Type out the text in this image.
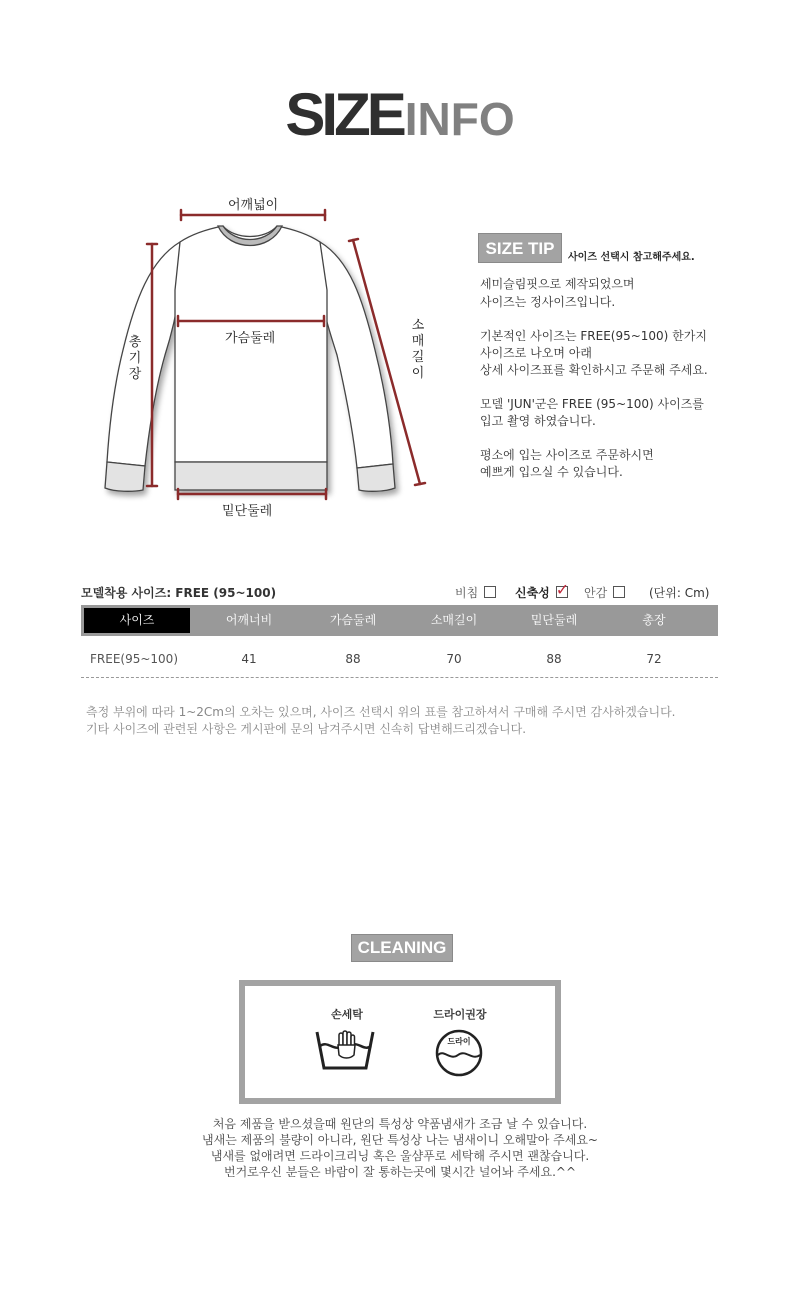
SIZEINFO
어깨넓이
가슴둘레
밑단둘레
총기장
소매길이
SIZE TIP	사이즈 선택시 참고해주세요.
세미슬림핏으로 제작되었으며
사이즈는 정사이즈입니다.
기본적인 사이즈는 FREE(95~100) 한가지
사이즈로 나오며 아래
상세 사이즈표를 확인하시고 주문해 주세요.
모델 'JUN'군은 FREE (95~100) 사이즈를
입고 촬영 하였습니다.
평소에 입는 사이즈로 주문하시면
예쁘게 입으실 수 있습니다.
모델착용 사이즈: FREE (95~100)	비침	신축성 ✓ 안감	(단위: Cm)
사이즈	어깨너비	가슴둘레	소매길이	밑단둘레	총장
FREE(95~100)	41	88	70	88	72
측정 부위에 따라 1~2Cm의 오차는 있으며, 사이즈 선택시 위의 표를 참고하셔서 구매해 주시면 감사하겠습니다.
기타 사이즈에 관련된 사항은 게시판에 문의 남겨주시면 신속히 답변해드리겠습니다.
CLEANING
손세탁	드라이권장
드라이
처음 제품을 받으셨을때 원단의 특성상 약품냄새가 조금 날 수 있습니다.
냄새는 제품의 불량이 아니라, 원단 특성상 나는 냄새이니 오해말아 주세요~
냄새를 없애려면 드라이크리닝 혹은 울샴푸로 세탁해 주시면 괜찮습니다.
번거로우신 분들은 바람이 잘 통하는곳에 몇시간 널어놔 주세요.^^
